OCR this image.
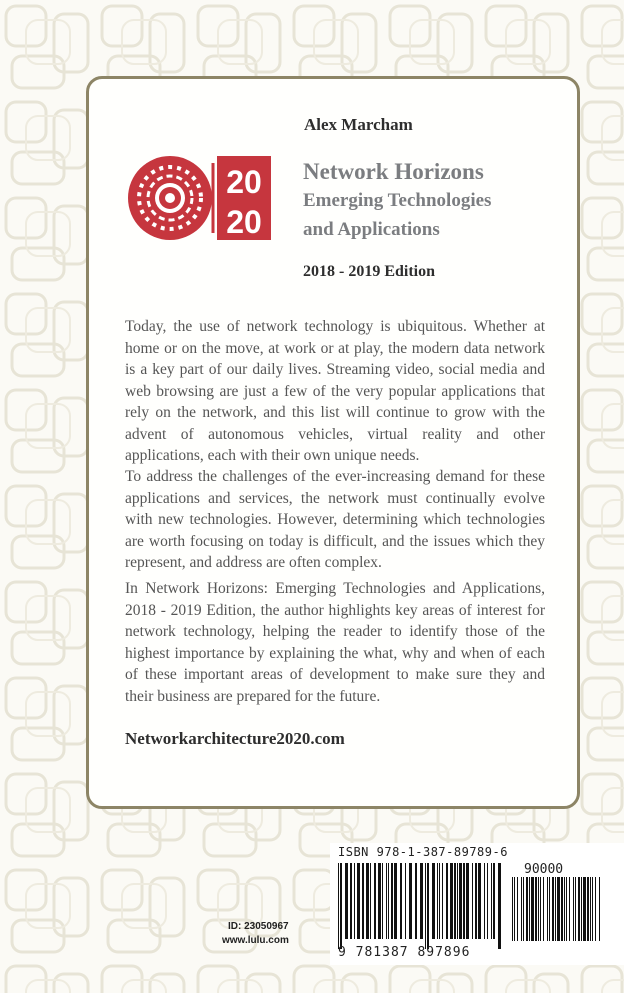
Alex Marcham
20
20
Network Horizons
Emerging Technologies
and Applications
2018 - 2019 Edition

Today, the use of network technology is ubiquitous. Whether at home or on the move, at work or at play, the modern data network is a key part of our daily lives. Streaming video, social media and web browsing are just a few of the very popular applications that rely on the network, and this list will continue to grow with the advent of autonomous vehicles, virtual reality and other applications, each with their own unique needs.

To address the challenges of the ever-increasing demand for these applications and services, the network must continually evolve with new technologies. However, determining which technologies are worth focusing on today is difficult, and the issues which they represent, and address are often complex.

In Network Horizons: Emerging Technologies and Applications, 2018 - 2019 Edition, the author highlights key areas of interest for network technology, helping the reader to identify those of the highest importance by explaining the what, why and when of each of these important areas of development to make sure they and their business are prepared for the future.

Networkarchitecture2020.com
ISBN 978-1-387-89789-6
90000
9 781387 897896
ID: 23050967
www.lulu.com
